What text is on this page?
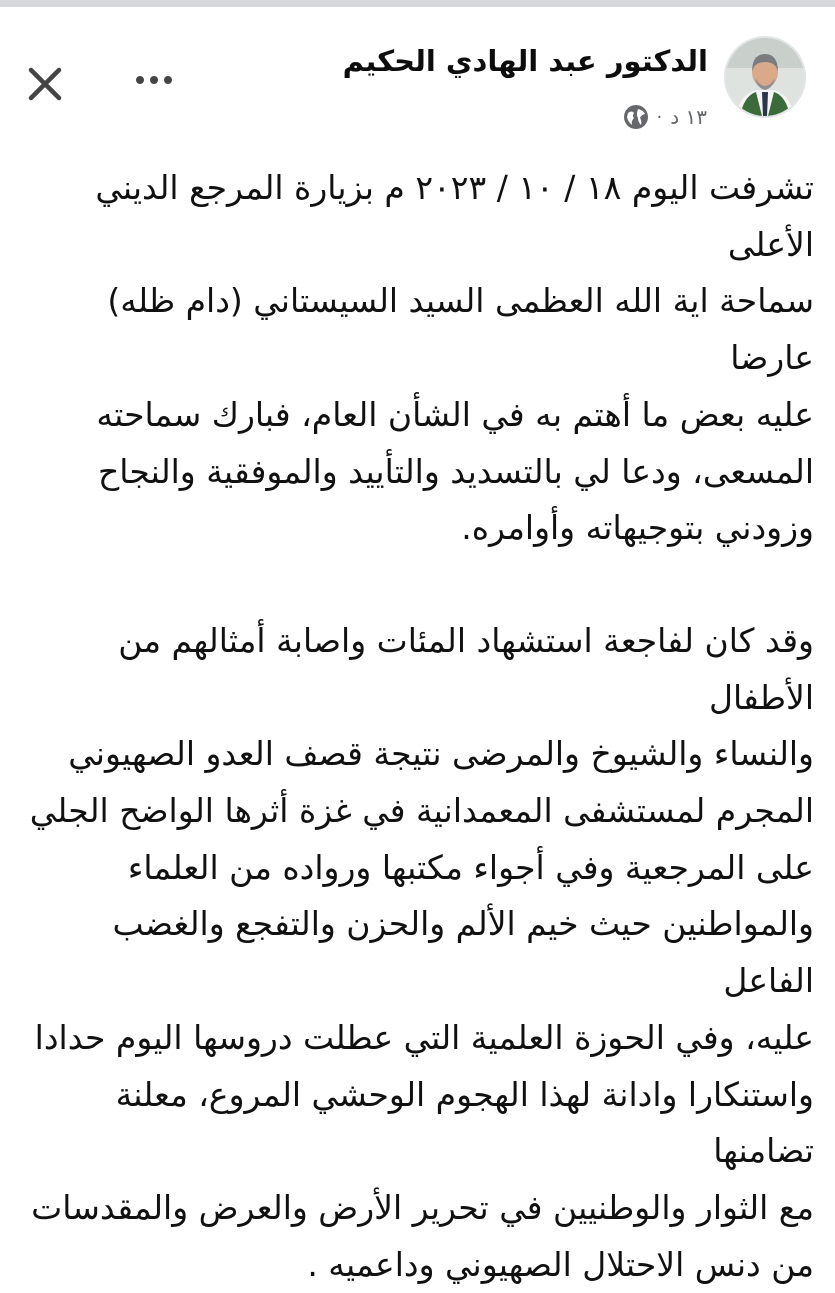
الدكتور عبد الهادي الحكيم
١٣ د
·

تشرفت اليوم ١٨ / ١٠ / ٢٠٢٣ م بزيارة المرجع الديني الأعلى
سماحة اية الله العظمى السيد السيستاني (دام ظله) عارضا
عليه بعض ما أهتم به في الشأن العام، فبارك سماحته
المسعى، ودعا لي بالتسديد والتأييد والموفقية والنجاح
وزودني بتوجيهاته وأوامره.

وقد كان لفاجعة استشهاد المئات واصابة أمثالهم من الأطفال
والنساء والشيوخ والمرضى نتيجة قصف العدو الصهيوني
المجرم لمستشفى المعمدانية في غزة أثرها الواضح الجلي
على المرجعية وفي أجواء مكتبها ورواده من العلماء
والمواطنين حيث خيم الألم والحزن والتفجع والغضب الفاعل
عليه، وفي الحوزة العلمية التي عطلت دروسها اليوم حدادا
واستنكارا وادانة لهذا الهجوم الوحشي المروع، معلنة تضامنها
مع الثوار والوطنيين في تحرير الأرض والعرض والمقدسات
من دنس الاحتلال الصهيوني وداعميه .
